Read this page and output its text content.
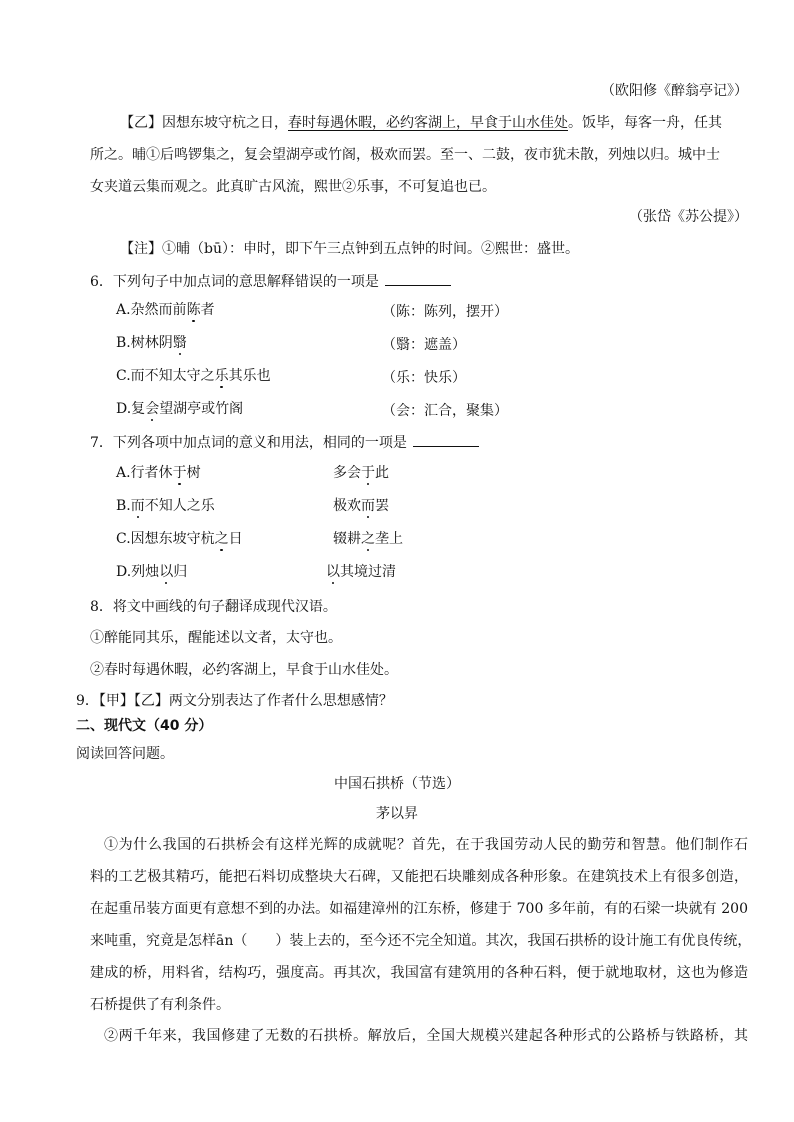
（欧阳修《醉翁亭记》）
【乙】因想东坡守杭之日，春时每遇休暇，必约客湖上，早食于山水佳处。饭毕，每客一舟，任其
所之。晡①后鸣锣集之，复会望湖亭或竹阁，极欢而罢。至一、二鼓，夜市犹未散，列烛以归。城中士
女夹道云集而观之。此真旷古风流，熙世②乐事，不可复追也已。
（张岱《苏公提》）
【注】①晡（bū）：申时，即下午三点钟到五点钟的时间。②熙世：盛世。
6．下列句子中加点词的意思解释错误的一项是
A.杂然而前陈者	（陈：陈列，摆开）
B.树林阴翳	（翳：遮盖）
C.而不知太守之乐其乐也	（乐：快乐）
D.复会望湖亭或竹阁	（会：汇合，聚集）
7．下列各项中加点词的意义和用法，相同的一项是
A.行者休于树	多会于此
B.而不知人之乐	极欢而罢
C.因想东坡守杭之日	辍耕之垄上
D.列烛以归	以其境过清
8．将文中画线的句子翻译成现代汉语。
①醉能同其乐，醒能述以文者，太守也。
②春时每遇休暇，必约客湖上，早食于山水佳处。
9．【甲】【乙】两文分别表达了作者什么思想感情？
二、现代文（40 分）
阅读回答问题。
中国石拱桥（节选）
茅以昇
①为什么我国的石拱桥会有这样光辉的成就呢？首先，在于我国劳动人民的勤劳和智慧。他们制作石
料的工艺极其精巧，能把石料切成整块大石碑，又能把石块雕刻成各种形象。在建筑技术上有很多创造，
在起重吊装方面更有意想不到的办法。如福建漳州的江东桥，修建于 700 多年前，有的石梁一块就有 200
来吨重，究竟是怎样ān（　　）装上去的，至今还不完全知道。其次，我国石拱桥的设计施工有优良传统，
建成的桥，用料省，结构巧，强度高。再其次，我国富有建筑用的各种石料，便于就地取材，这也为修造
石桥提供了有利条件。
②两千年来，我国修建了无数的石拱桥。解放后，全国大规模兴建起各种形式的公路桥与铁路桥，其
